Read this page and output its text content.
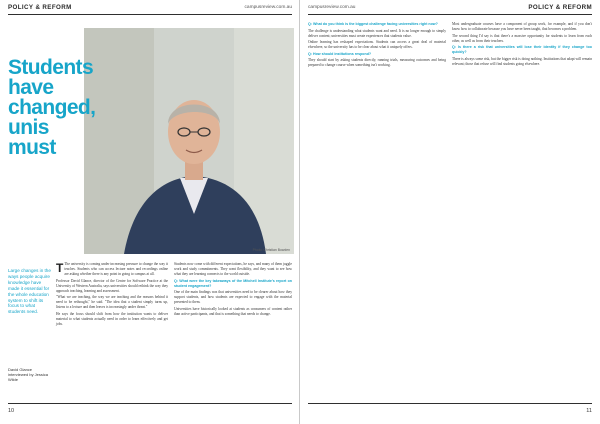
POLICY & REFORM	campusreview.com.au
Photo: Christian Bowden
Students have changed, unis must
Large changes in the ways people acquire knowledge have made it essential for the whole education system to shift its focus to what students need.
David Glance interviewed by Jessica Wilde

T The university is coming under increasing pressure to change the way it teaches. Students who can access lecture notes and recordings online are asking whether there is any point in going to campus at all.

Professor David Glance, director of the Centre for Software Practice at the University of Western Australia, says universities should rethink the way they approach teaching, learning and assessment.

"What we are teaching, the way we are teaching and the reasons behind it need to be rethought," he said. "The idea that a student simply turns up, listens to a lecture and then leaves is increasingly under threat."

He says the focus should shift from how the institution wants to deliver material to what students actually need in order to learn effectively and get jobs.

Students now come with different expectations, he says, and many of them juggle work and study commitments. They want flexibility, and they want to see how what they are learning connects to the world outside.

Q: What were the key takeaways of the Mitchell Institute's report on student engagement?

One of the main findings was that universities need to be clearer about how they support students, and how students are expected to engage with the material presented to them.

Universities have historically looked at students as consumers of content rather than active participants, and that is something that needs to change.

10
campusreview.com.au	POLICY & REFORM

Q: What do you think is the biggest challenge facing universities right now?

The challenge is understanding what students want and need. It is no longer enough to simply deliver content; universities must create experiences that students value.

Online learning has reshaped expectations. Students can access a great deal of material elsewhere, so the university has to be clear about what it uniquely offers.

Q: How should institutions respond?

They should start by asking students directly, running trials, measuring outcomes and being prepared to change course when something isn't working.

Most undergraduate courses have a component of group work, for example, and if you don't know how to collaborate because you have never been taught, that becomes a problem.

The second thing I'd say is that there's a massive opportunity for students to learn from each other, as well as from their teachers.

Q: Is there a risk that universities will lose their identity if they change too quickly?

There is always some risk, but the bigger risk is doing nothing. Institutions that adapt will remain relevant; those that refuse will find students going elsewhere.

11
